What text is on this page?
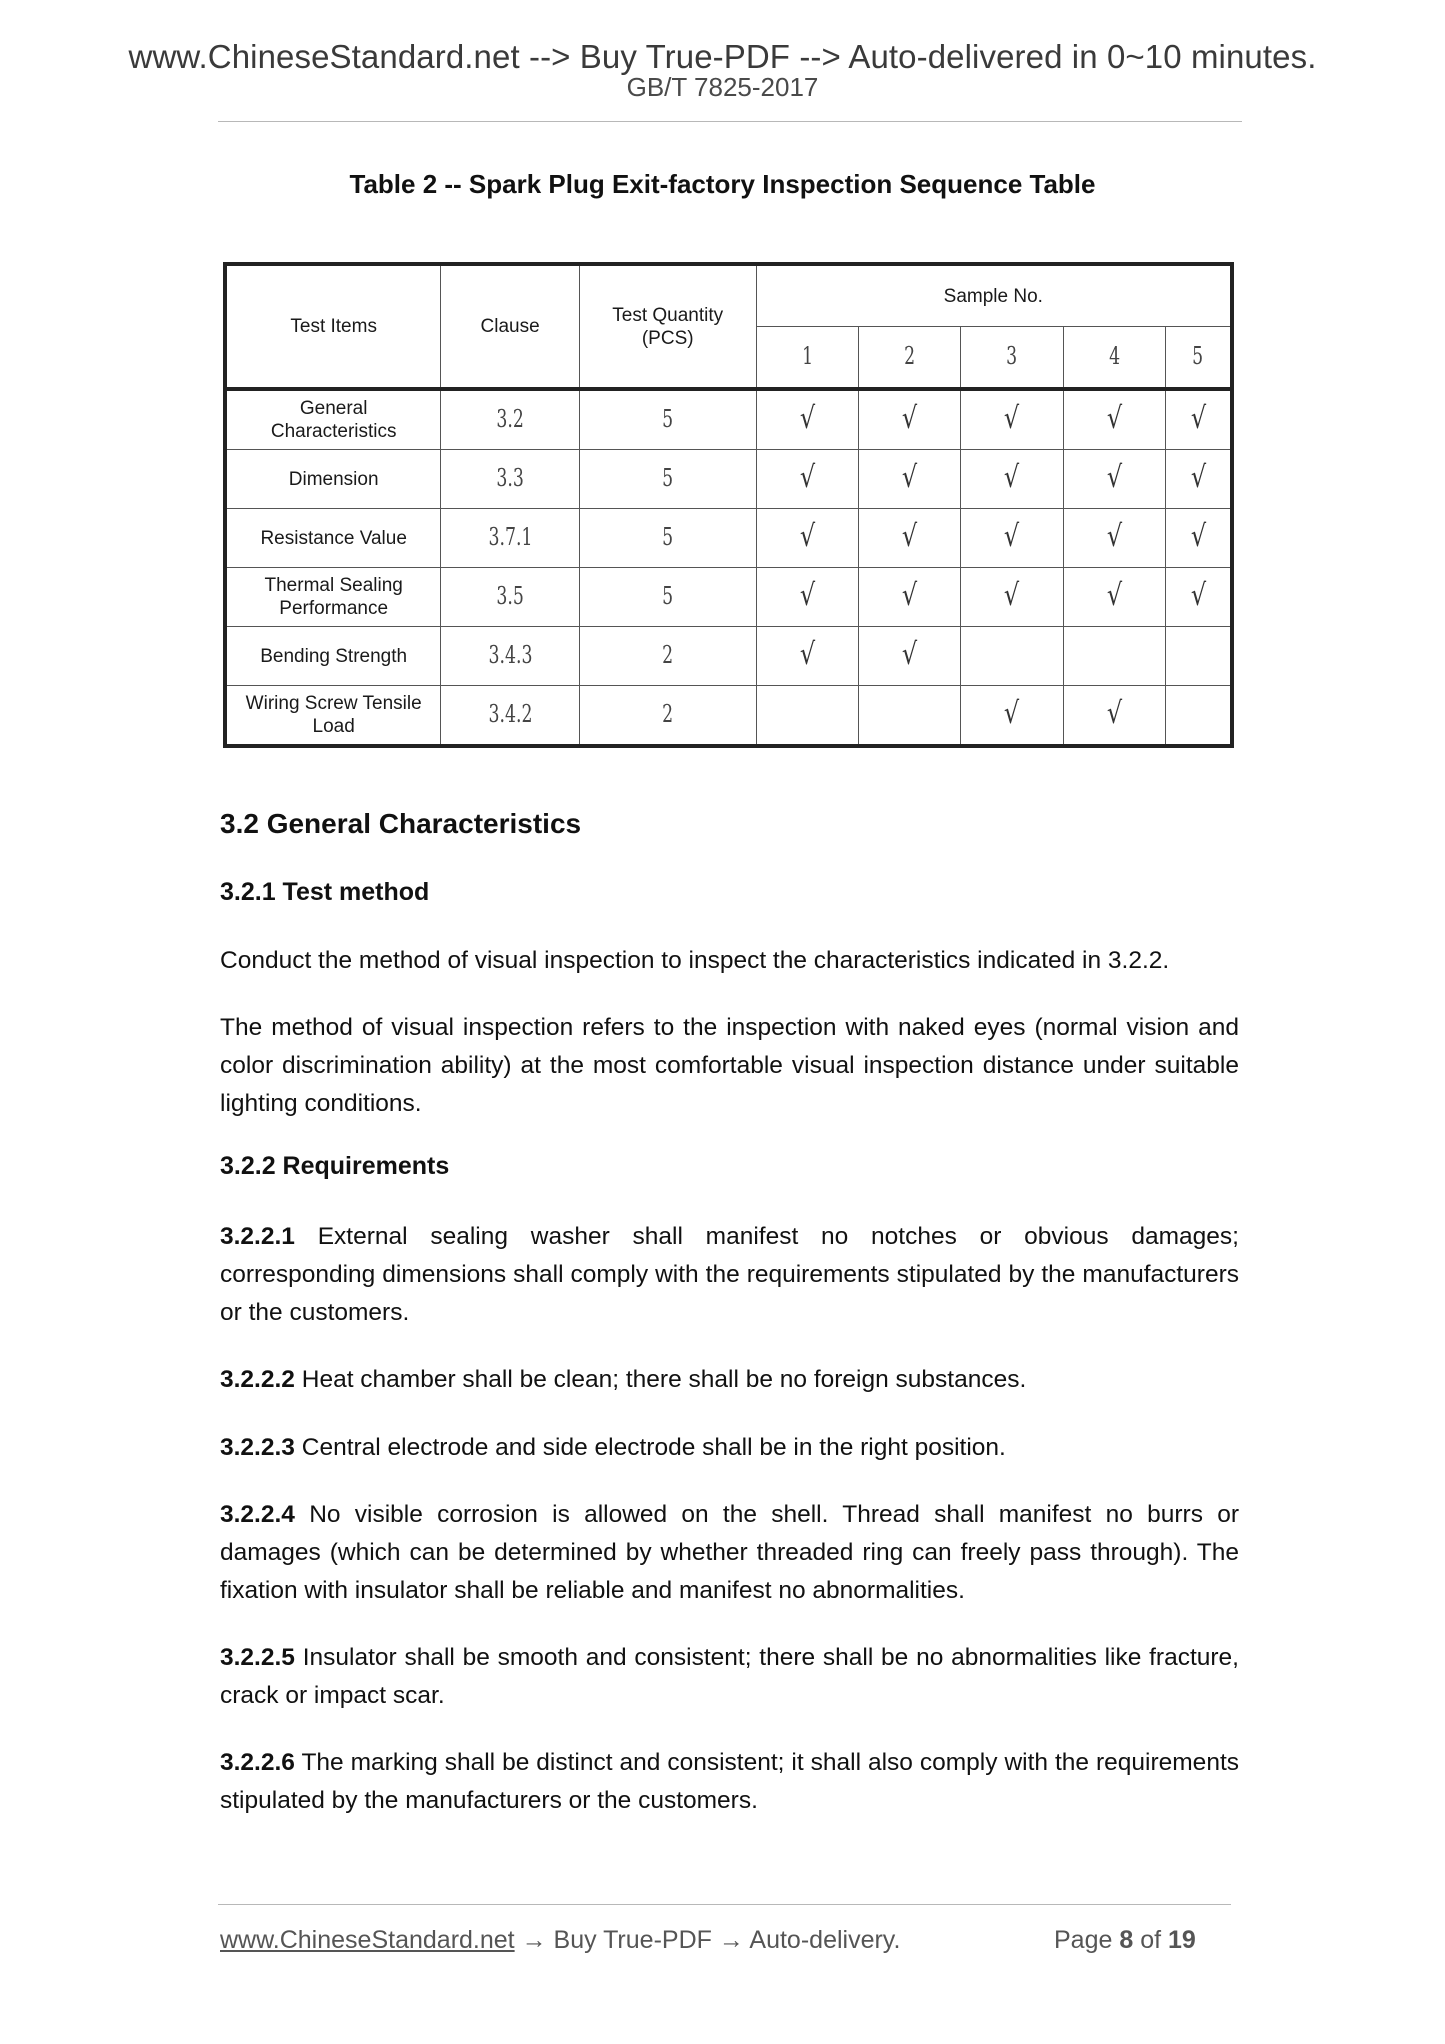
www.ChineseStandard.net --> Buy True-PDF --> Auto-delivered in 0~10 minutes.
GB/T 7825-2017
Table 2 -- Spark Plug Exit-factory Inspection Sequence Table
Test Items	Clause	Test Quantity (PCS)	Sample No.				
			1	2	3	4	5
General Characteristics	3.2	5	√	√	√	√	√
Dimension	3.3	5	√	√	√	√	√
Resistance Value	3.7.1	5	√	√	√	√	√
Thermal Sealing Performance	3.5	5	√	√	√	√	√
Bending Strength	3.4.3	2	√	√			
Wiring Screw Tensile Load	3.4.2	2			√	√	
3.2 General Characteristics
3.2.1 Test method
Conduct the method of visual inspection to inspect the characteristics indicated in 3.2.2.
The method of visual inspection refers to the inspection with naked eyes (normal vision and color discrimination ability) at the most comfortable visual inspection distance under suitable lighting conditions.
3.2.2 Requirements
3.2.2.1 External sealing washer shall manifest no notches or obvious damages; corresponding dimensions shall comply with the requirements stipulated by the manufacturers or the customers.
3.2.2.2 Heat chamber shall be clean; there shall be no foreign substances.
3.2.2.3 Central electrode and side electrode shall be in the right position.
3.2.2.4 No visible corrosion is allowed on the shell. Thread shall manifest no burrs or damages (which can be determined by whether threaded ring can freely pass through). The fixation with insulator shall be reliable and manifest no abnormalities.
3.2.2.5 Insulator shall be smooth and consistent; there shall be no abnormalities like fracture, crack or impact scar.
3.2.2.6 The marking shall be distinct and consistent; it shall also comply with the requirements stipulated by the manufacturers or the customers.
www.ChineseStandard.net → Buy True-PDF → Auto-delivery.	Page 8 of 19
